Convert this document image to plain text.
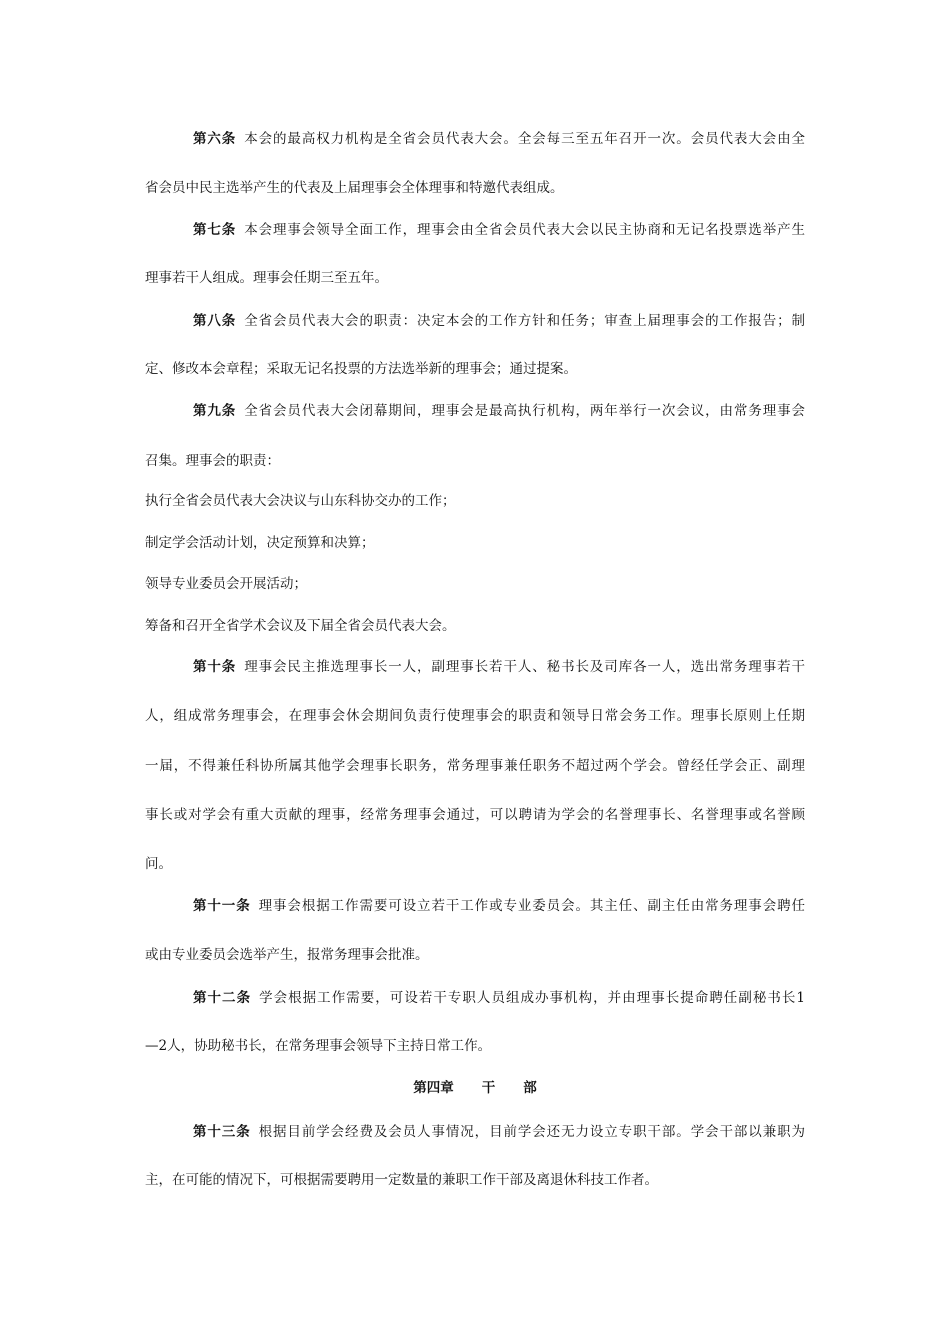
第六条 本会的最高权力机构是全省会员代表大会。全会每三至五年召开一次。会员代表大会由全
省会员中民主选举产生的代表及上届理事会全体理事和特邀代表组成。
第七条 本会理事会领导全面工作，理事会由全省会员代表大会以民主协商和无记名投票选举产生
理事若干人组成。理事会任期三至五年。
第八条 全省会员代表大会的职责：决定本会的工作方针和任务；审查上届理事会的工作报告；制
定、修改本会章程；采取无记名投票的方法选举新的理事会；通过提案。
第九条 全省会员代表大会闭幕期间，理事会是最高执行机构，两年举行一次会议，由常务理事会
召集。理事会的职责：
执行全省会员代表大会决议与山东科协交办的工作；
制定学会活动计划，决定预算和决算；
领导专业委员会开展活动；
筹备和召开全省学术会议及下届全省会员代表大会。
第十条 理事会民主推选理事长一人，副理事长若干人、秘书长及司库各一人，选出常务理事若干
人，组成常务理事会，在理事会休会期间负责行使理事会的职责和领导日常会务工作。理事长原则上任期
一届，不得兼任科协所属其他学会理事长职务，常务理事兼任职务不超过两个学会。曾经任学会正、副理
事长或对学会有重大贡献的理事，经常务理事会通过，可以聘请为学会的名誉理事长、名誉理事或名誉顾
问。
第十一条 理事会根据工作需要可设立若干工作或专业委员会。其主任、副主任由常务理事会聘任
或由专业委员会选举产生，报常务理事会批准。
第十二条 学会根据工作需要，可设若干专职人员组成办事机构，并由理事长提命聘任副秘书长1
—2人，协助秘书长，在常务理事会领导下主持日常工作。
第四章 干 部
第十三条 根据目前学会经费及会员人事情况，目前学会还无力设立专职干部。学会干部以兼职为
主，在可能的情况下，可根据需要聘用一定数量的兼职工作干部及离退休科技工作者。
